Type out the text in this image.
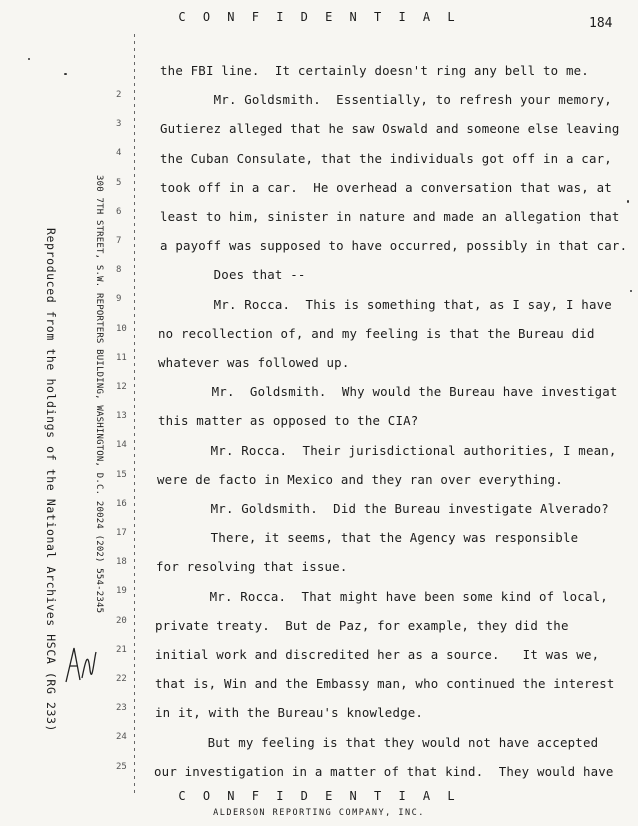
C O N F I D E N T I A L	184
Reproduced from the holdings of the National Archives HSCA (RG 233)	300 7TH STREET, S.W. REPORTERS BUILDING, WASHINGTON, D.C. 20024 (202) 554-2345
2
3
4
5
6
7
8
9
10
11
12
13
14
15
16
17
18
19
20
21
22
23
24
25
the FBI line.  It certainly doesn't ring any bell to me.
Mr. Goldsmith.  Essentially, to refresh your memory,
Gutierez alleged that he saw Oswald and someone else leaving
the Cuban Consulate, that the individuals got off in a car,
took off in a car.  He overhead a conversation that was, at
least to him, sinister in nature and made an allegation that
a payoff was supposed to have occurred, possibly in that car.
Does that --
Mr. Rocca.  This is something that, as I say, I have
no recollection of, and my feeling is that the Bureau did
whatever was followed up.
Mr.  Goldsmith.  Why would the Bureau have investigat
this matter as opposed to the CIA?
Mr. Rocca.  Their jurisdictional authorities, I mean,
were de facto in Mexico and they ran over everything.
Mr. Goldsmith.  Did the Bureau investigate Alverado?
There, it seems, that the Agency was responsible
for resolving that issue.
Mr. Rocca.  That might have been some kind of local,
private treaty.  But de Paz, for example, they did the
initial work and discredited her as a source.   It was we,
that is, Win and the Embassy man, who continued the interest
in it, with the Bureau's knowledge.
But my feeling is that they would not have accepted
our investigation in a matter of that kind.  They would have
C O N F I D E N T I A L
ALDERSON REPORTING COMPANY, INC.
